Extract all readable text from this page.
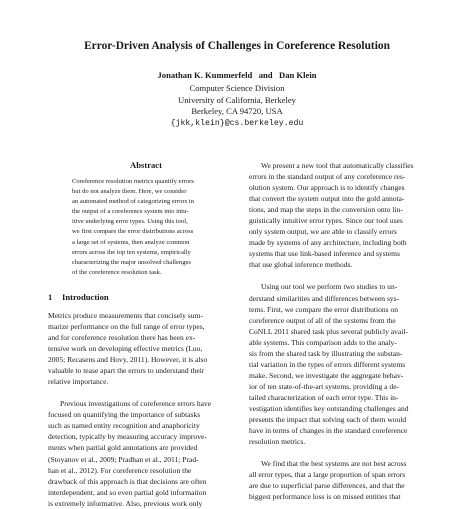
Error-Driven Analysis of Challenges in Coreference Resolution
Jonathan K. Kummerfeld   and   Dan Klein
Computer Science Division
University of California, Berkeley
Berkeley, CA 94720, USA
{jkk,klein}@cs.berkeley.edu
Abstract
Coreference resolution metrics quantify errors
but do not analyze them. Here, we consider
an automated method of categorizing errors in
the output of a coreference system into intu-
itive underlying error types. Using this tool,
we first compare the error distributions across
a large set of systems, then analyze common
errors across the top ten systems, empirically
characterizing the major unsolved challenges
of the coreference resolution task.
1 Introduction
Metrics produce measurements that concisely sum-
marize performance on the full range of error types,
and for coreference resolution there has been ex-
tensive work on developing effective metrics (Luo,
2005; Recasens and Hovy, 2011). However, it is also
valuable to tease apart the errors to understand their
relative importance.
Previous investigations of coreference errors have
focused on quantifying the importance of subtasks
such as named entity recognition and anaphoricity
detection, typically by measuring accuracy improve-
ments when partial gold annotations are provided
(Stoyanov et al., 2009; Pradhan et al., 2011; Prad-
han et al., 2012). For coreference resolution the
drawback of this approach is that decisions are often
interdependent, and so even partial gold information
is extremely informative. Also, previous work only
We present a new tool that automatically classifies
errors in the standard output of any coreference res-
olution system. Our approach is to identify changes
that convert the system output into the gold annota-
tions, and map the steps in the conversion onto lin-
guistically intuitive error types. Since our tool uses
only system output, we are able to classify errors
made by systems of any architecture, including both
systems that use link-based inference and systems
that use global inference methods.
Using our tool we perform two studies to un-
derstand similarities and differences between sys-
tems. First, we compare the error distributions on
coreference output of all of the systems from the
CoNLL 2011 shared task plus several publicly avail-
able systems. This comparison adds to the analy-
sis from the shared task by illustrating the substan-
tial variation in the types of errors different systems
make. Second, we investigate the aggregate behav-
ior of ten state-of-the-art systems, providing a de-
tailed characterization of each error type. This in-
vestigation identifies key outstanding challenges and
presents the impact that solving each of them would
have in terms of changes in the standard coreference
resolution metrics.
We find that the best systems are not best across
all error types, that a large proportion of span errors
are due to superficial parse differences, and that the
biggest performance loss is on missed entities that
